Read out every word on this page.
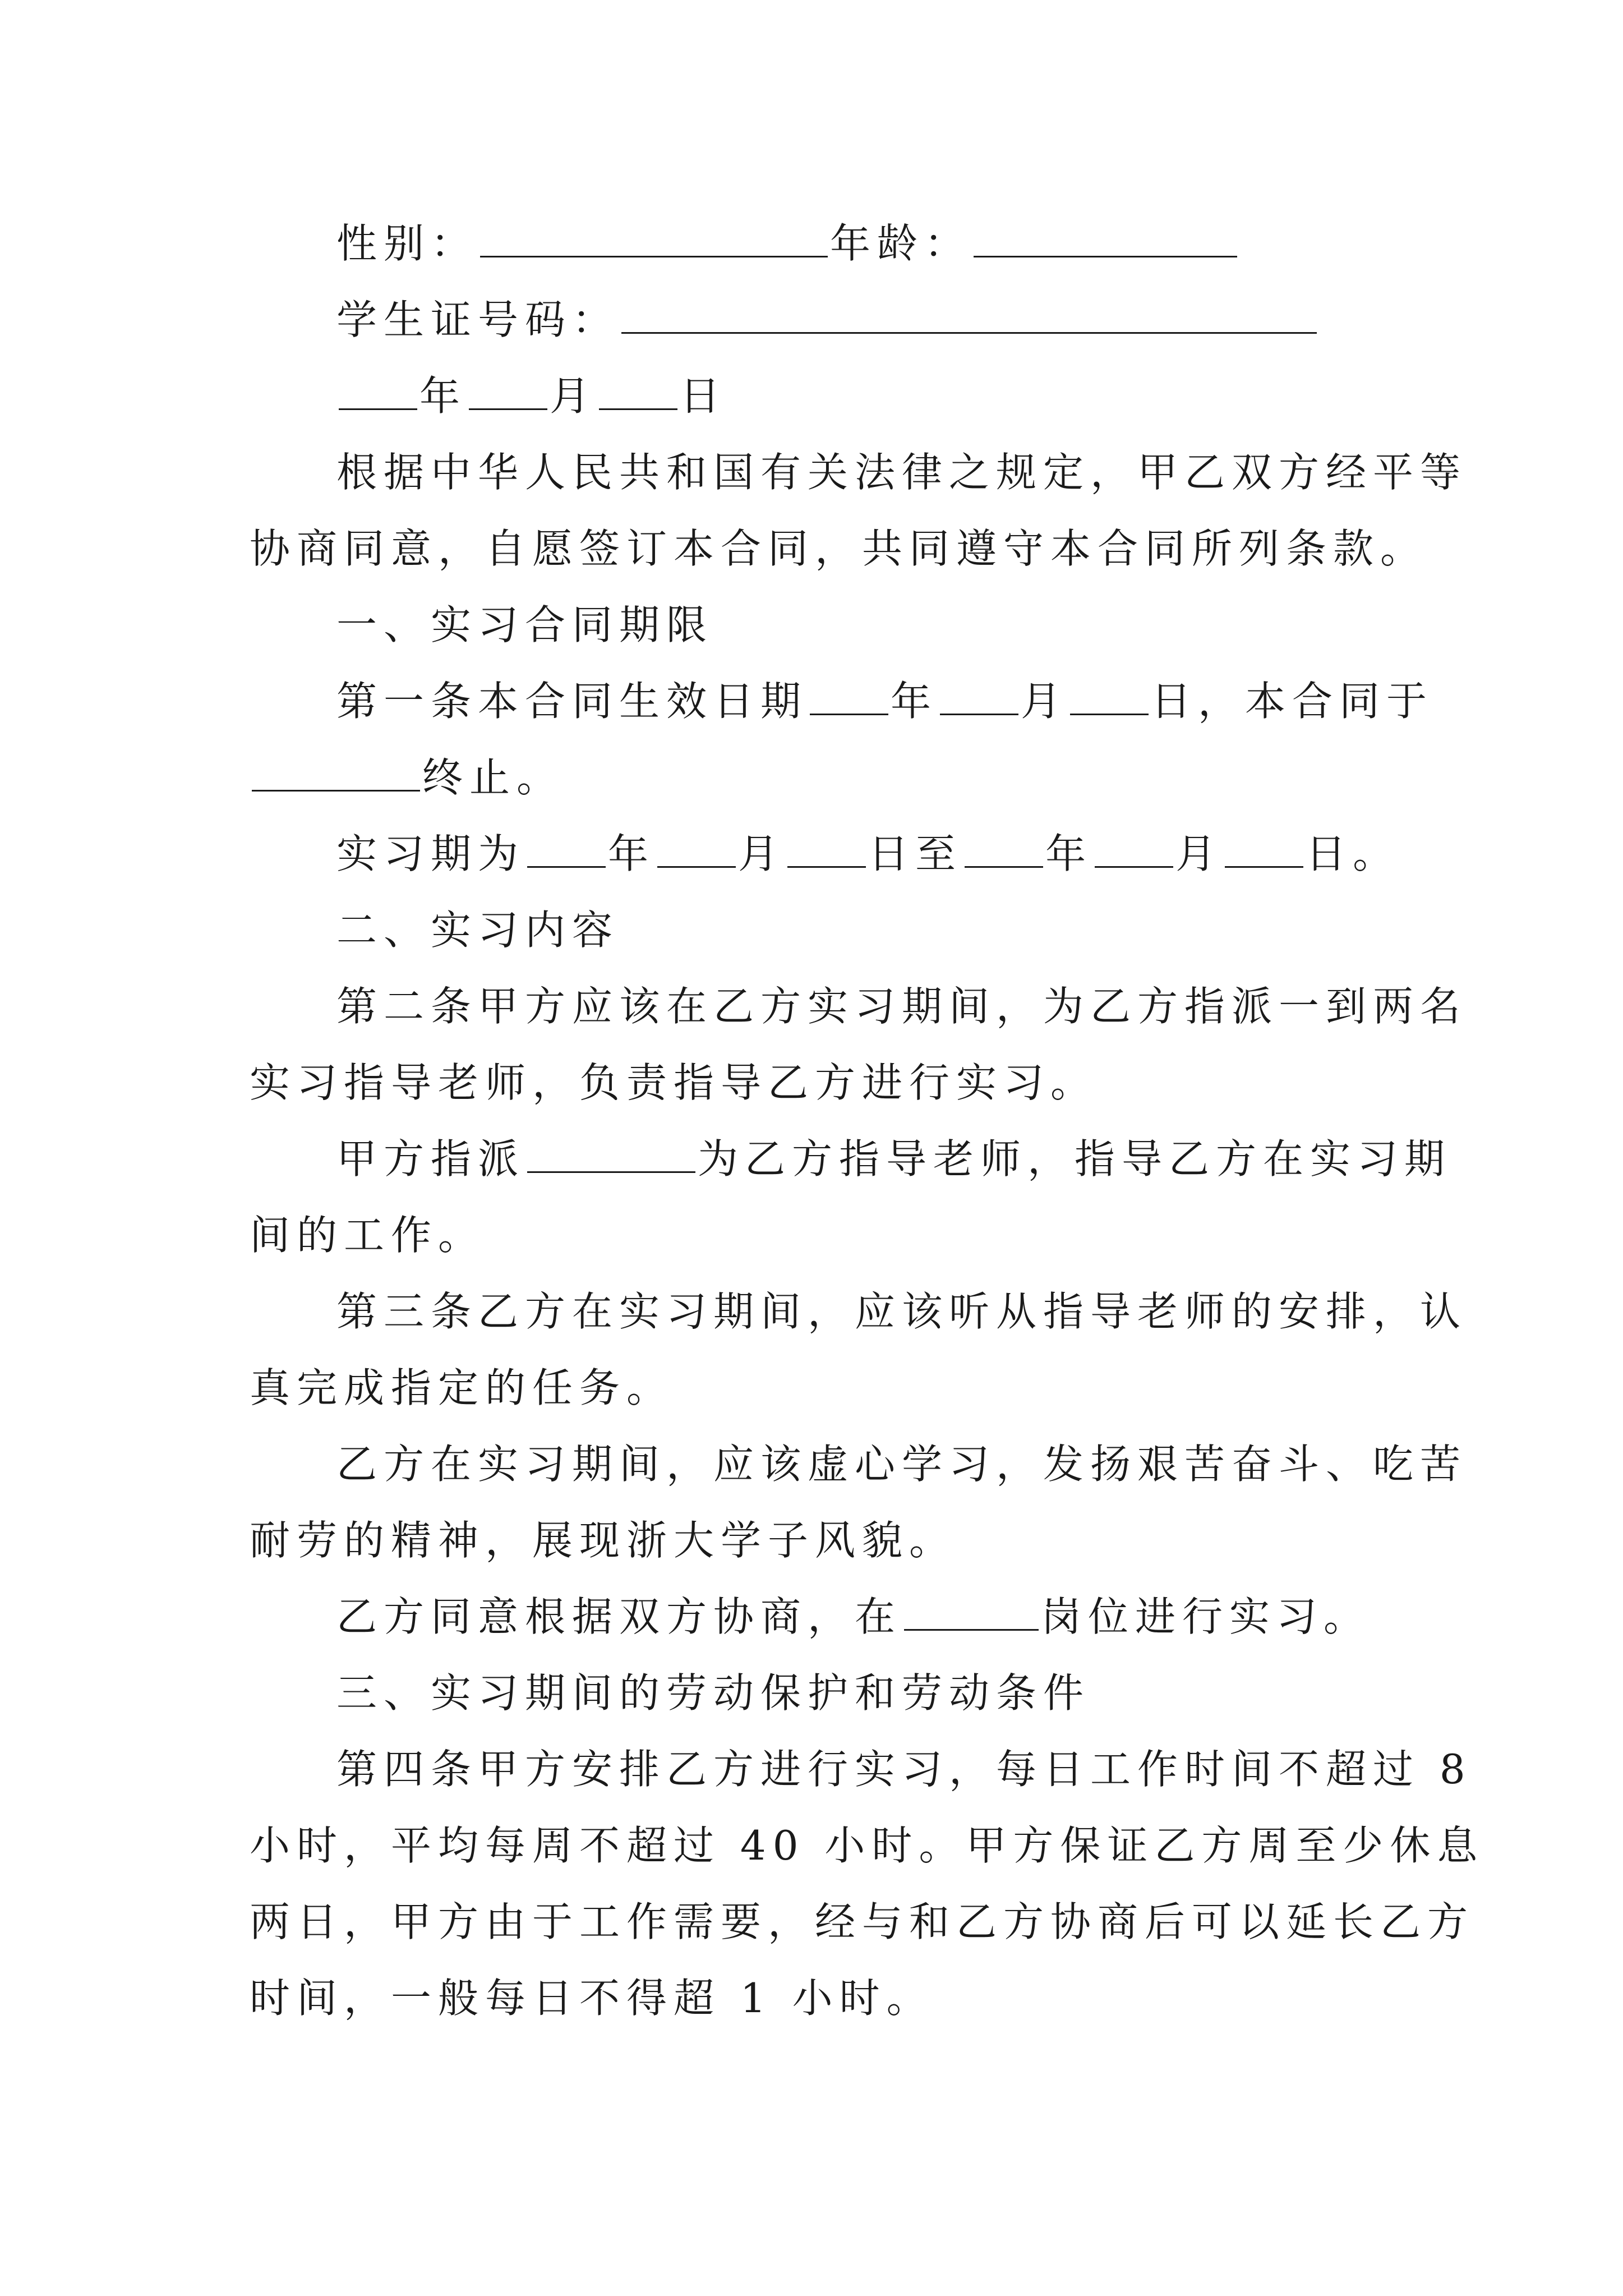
性别：	年龄：
学生证号码：
年 月 日
根据中华人民共和国有关法律之规定，甲乙双方经平等
协商同意，自愿签订本合同，共同遵守本合同所列条款。
一、实习合同期限
第一条本合同生效日期 年 月 日，本合同于
终止。
实习期为 年 月 日至 年 月 日。
二、实习内容
第二条甲方应该在乙方实习期间，为乙方指派一到两名
实习指导老师，负责指导乙方进行实习。
甲方指派	为乙方指导老师，指导乙方在实习期
间的工作。
第三条乙方在实习期间，应该听从指导老师的安排，认
真完成指定的任务。
乙方在实习期间，应该虚心学习，发扬艰苦奋斗、吃苦
耐劳的精神，展现浙大学子风貌。
乙方同意根据双方协商，在	岗位进行实习。
三、实习期间的劳动保护和劳动条件
第四条甲方安排乙方进行实习，每日工作时间不超过 8
小时，平均每周不超过 40 小时。甲方保证乙方周至少休息
两日，甲方由于工作需要，经与和乙方协商后可以延长乙方
时间，一般每日不得超 1 小时。
